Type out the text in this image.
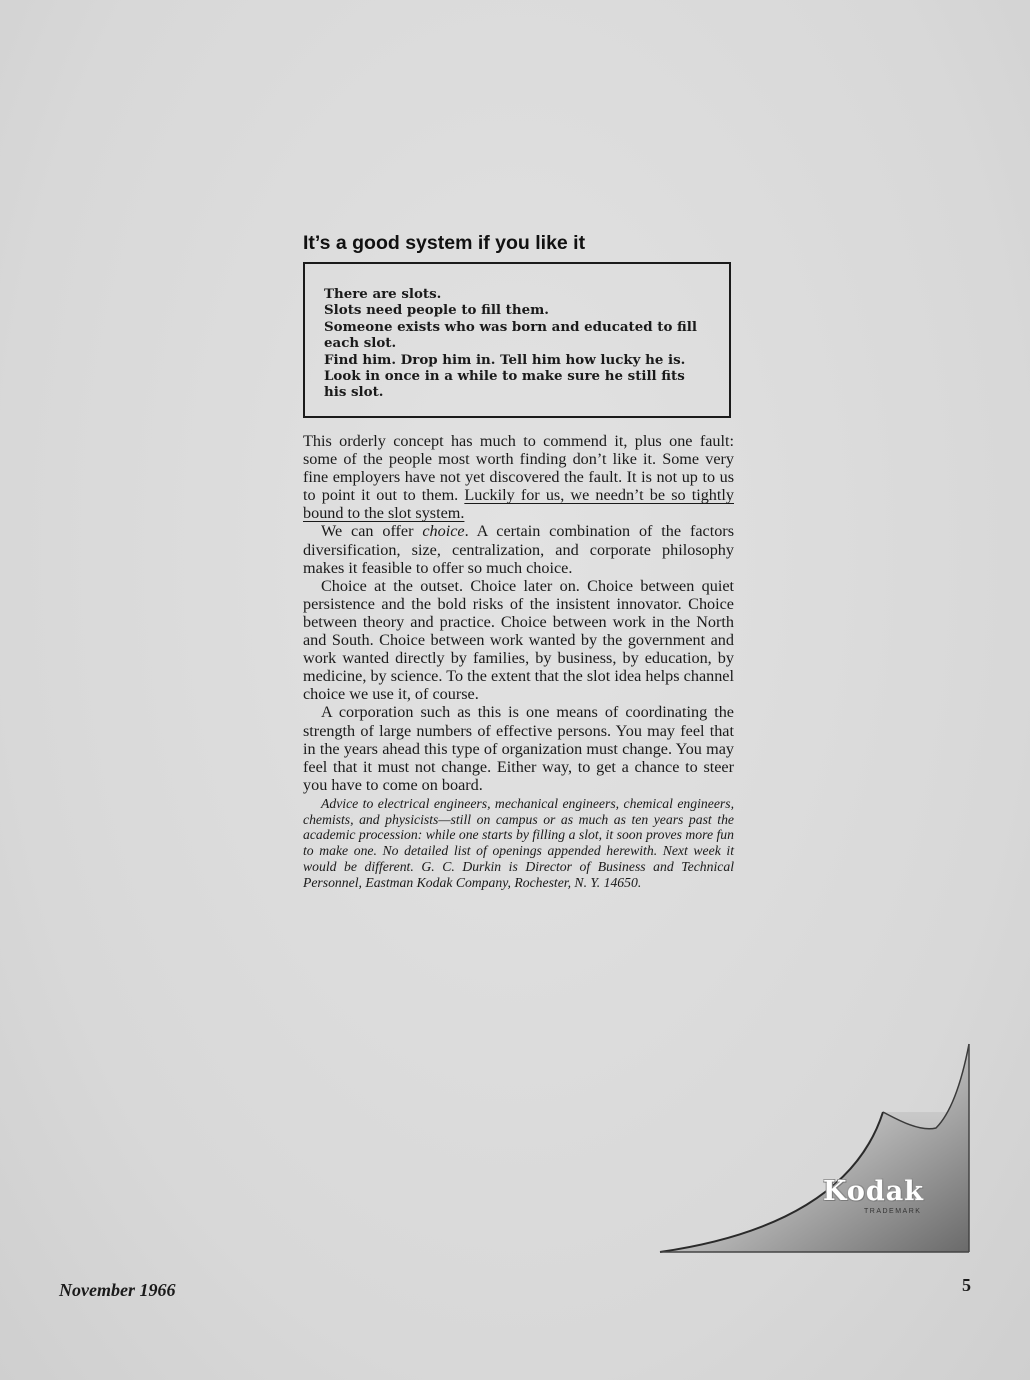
It’s a good system if you like it

There are slots.

Slots need people to fill them.

Someone exists who was born and educated to fill each slot.

Find him. Drop him in. Tell him how lucky he is.

Look in once in a while to make sure he still fits his slot.

This orderly concept has much to commend it, plus one fault: some of the people most worth finding don’t like it. Some very fine employers have not yet discovered the fault. It is not up to us to point it out to them. Luckily for us, we needn’t be so tightly bound to the slot system.

We can offer choice. A certain combination of the factors diversification, size, centralization, and corporate philosophy makes it feasible to offer so much choice.

Choice at the outset. Choice later on. Choice between quiet persistence and the bold risks of the insistent innovator. Choice between theory and practice. Choice between work in the North and South. Choice between work wanted by the government and work wanted directly by families, by business, by education, by medicine, by science. To the extent that the slot idea helps channel choice we use it, of course.

A corporation such as this is one means of coordinating the strength of large numbers of effective persons. You may feel that in the years ahead this type of organization must change. You may feel that it must not change. Either way, to get a chance to steer you have to come on board.

Advice to electrical engineers, mechanical engineers, chemical engineers, chemists, and physicists—still on campus or as much as ten years past the academic procession: while one starts by filling a slot, it soon proves more fun to make one. No detailed list of openings appended herewith. Next week it would be different. G. C. Durkin is Director of Business and Technical Personnel, Eastman Kodak Company, Rochester, N. Y. 14650.

Kodak
TRADEMARK

November 1966	5
